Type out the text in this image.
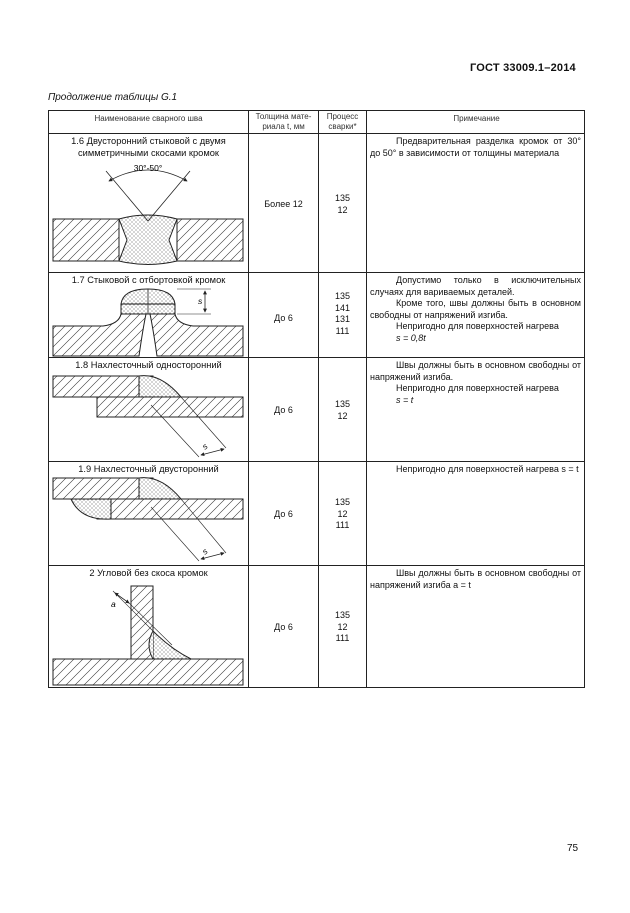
ГОСТ 33009.1–2014
Продолжение таблицы G.1
Наименование сварного шва	Толщина мате-риала t, мм
Процесс сварки*
Примечание
1.6 Двусторонний стыковой с двумя симметричными скосами кромок
30°-50°
Более 12
135
12

Предварительная разделка кромок от 30° до 50° в зависимости от толщины материала

1.7 Стыковой с отбортовкой кромок
s
До 6
135
141
131
111

Допустимо только в исключительных случаях для вариваемых деталей.

Кроме того, швы должны быть в основном свободны от напряжений изгиба.

Непригодно для поверхностей нагрева

s = 0,8t

1.8 Нахлесточный односторонний
s
До 6
135
12

Швы должны быть в основном свободны от напряжений изгиба.

Непригодно для поверхностей нагрева

s = t

1.9 Нахлесточный двусторонний
s
До 6
135
12
111

Непригодно для поверхностей нагрева s = t

2 Угловой без скоса кромок
a
До 6
135
12
111

Швы должны быть в основном свободны от напряжений изгиба a = t

75
